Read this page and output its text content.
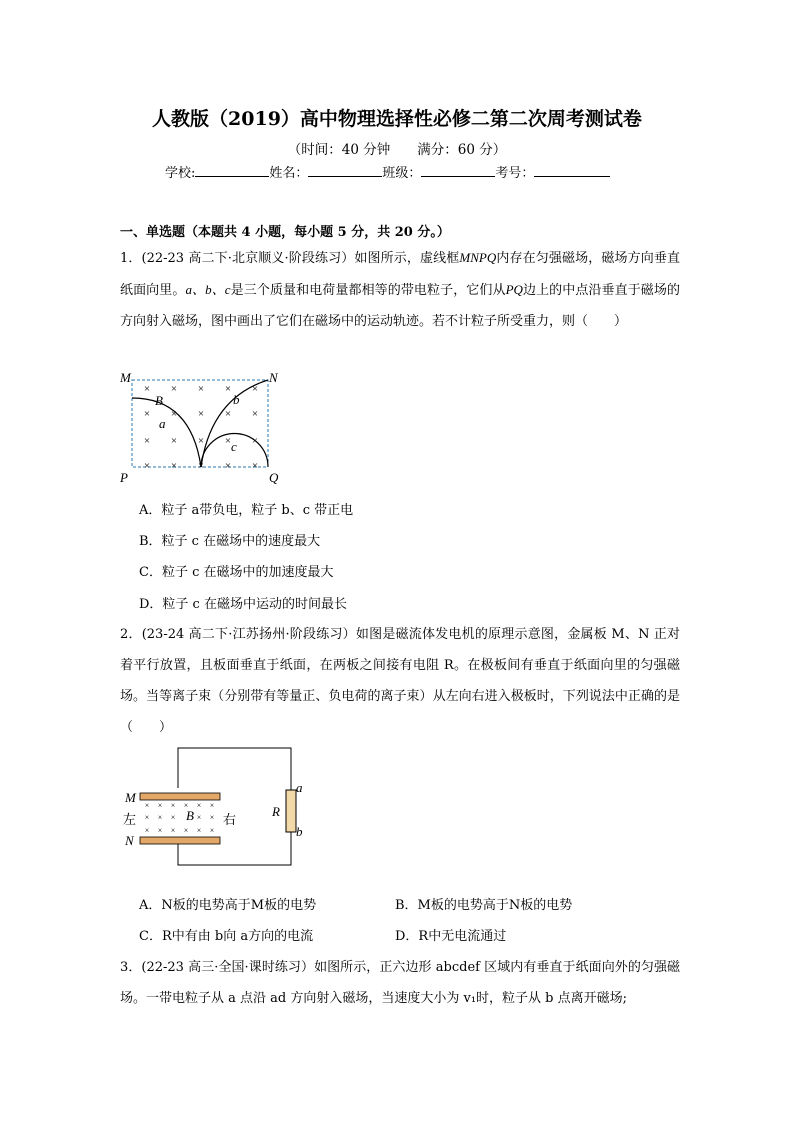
人教版（2019）高中物理选择性必修二第二次周考测试卷
（时间：40 分钟　　满分：60 分）
学校:	姓名：	班级：	考号：
一、单选题（本题共 4 小题，每小题 5 分，共 20 分。）
1．(22-23 高二下·北京顺义·阶段练习）如图所示，虚线框MNPQ内存在匀强磁场，磁场方向垂直纸面向里。a、b、c是三个质量和电荷量都相等的带电粒子，它们从PQ边上的中点沿垂直于磁场的方向射入磁场，图中画出了它们在磁场中的运动轨迹。若不计粒子所受重力，则（　　）
× × × × ×
× × × × ×
× × × × ×
× × × × ×
M	N
P	Q
B
a
b
c
A．粒子 a带负电，粒子 b、c 带正电
B．粒子 c 在磁场中的速度最大
C．粒子 c 在磁场中的加速度最大
D．粒子 c 在磁场中运动的时间最长
2．(23-24 高二下·江苏扬州·阶段练习）如图是磁流体发电机的原理示意图，金属板 M、N 正对着平行放置，且板面垂直于纸面，在两板之间接有电阻 R。在极板间有垂直于纸面向里的匀强磁场。当等离子束（分别带有等量正、负电荷的离子束）从左向右进入极板时，下列说法中正确的是（　　）
× × × × × ×
× × ×	× ×
× × × × × ×
M
N
左	右
B	R
a
b
A．N板的电势高于M板的电势	B．M板的电势高于N板的电势
C．R中有由 b向 a方向的电流	D．R中无电流通过
3．(22-23 高三·全国·课时练习）如图所示，正六边形 abcdef 区域内有垂直于纸面向外的匀强磁场。一带电粒子从 a 点沿 ad 方向射入磁场，当速度大小为 v₁时，粒子从 b 点离开磁场;
